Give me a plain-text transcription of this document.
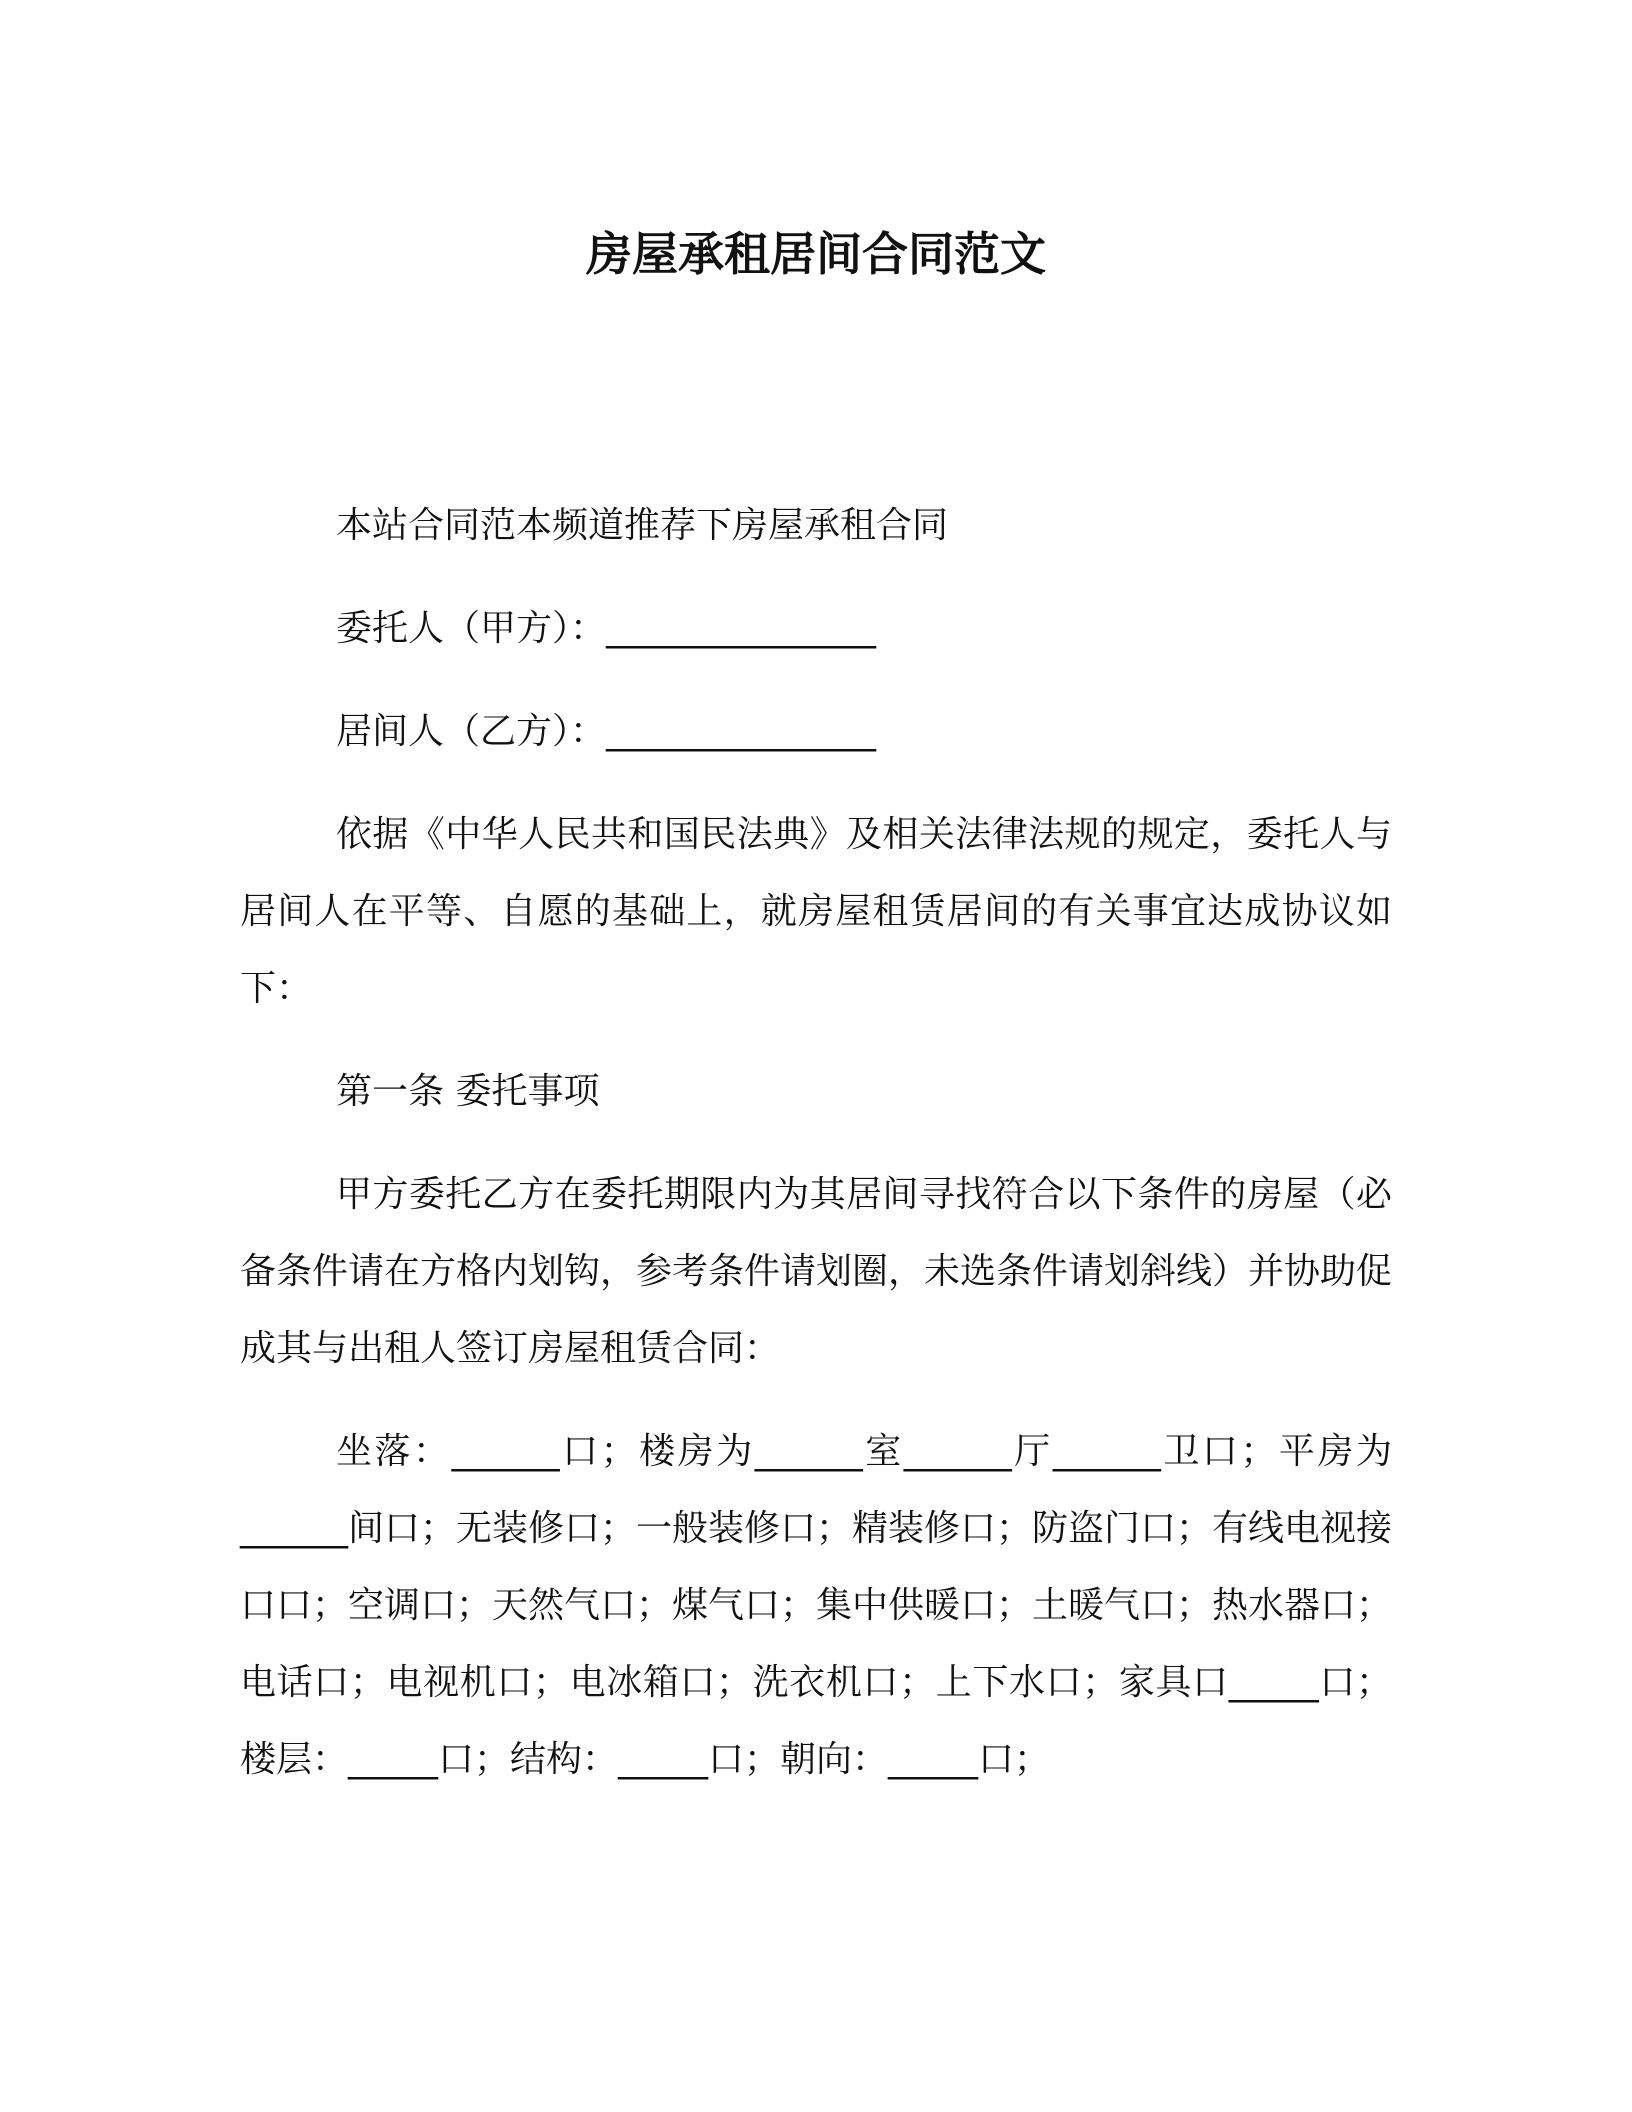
房屋承租居间合同范文

本站合同范本频道推荐下房屋承租合同

委托人（甲方）：_______________

居间人（乙方）：_______________

依据《中华人民共和国民法典》及相关法律法规的规定，委托人与居间人在平等、自愿的基础上，就房屋租赁居间的有关事宜达成协议如下：

第一条 委托事项

甲方委托乙方在委托期限内为其居间寻找符合以下条件的房屋（必备条件请在方格内划钩，参考条件请划圈，未选条件请划斜线）并协助促成其与出租人签订房屋租赁合同：

坐落：______口；楼房为______室______厅______卫口；平房为______间口；无装修口；一般装修口；精装修口；防盗门口；有线电视接口口；空调口；天然气口；煤气口；集中供暖口；土暖气口；热水器口；电话口；电视机口；电冰箱口；洗衣机口；上下水口；家具口_____口；楼层：_____口；结构：_____口；朝向：_____口；
